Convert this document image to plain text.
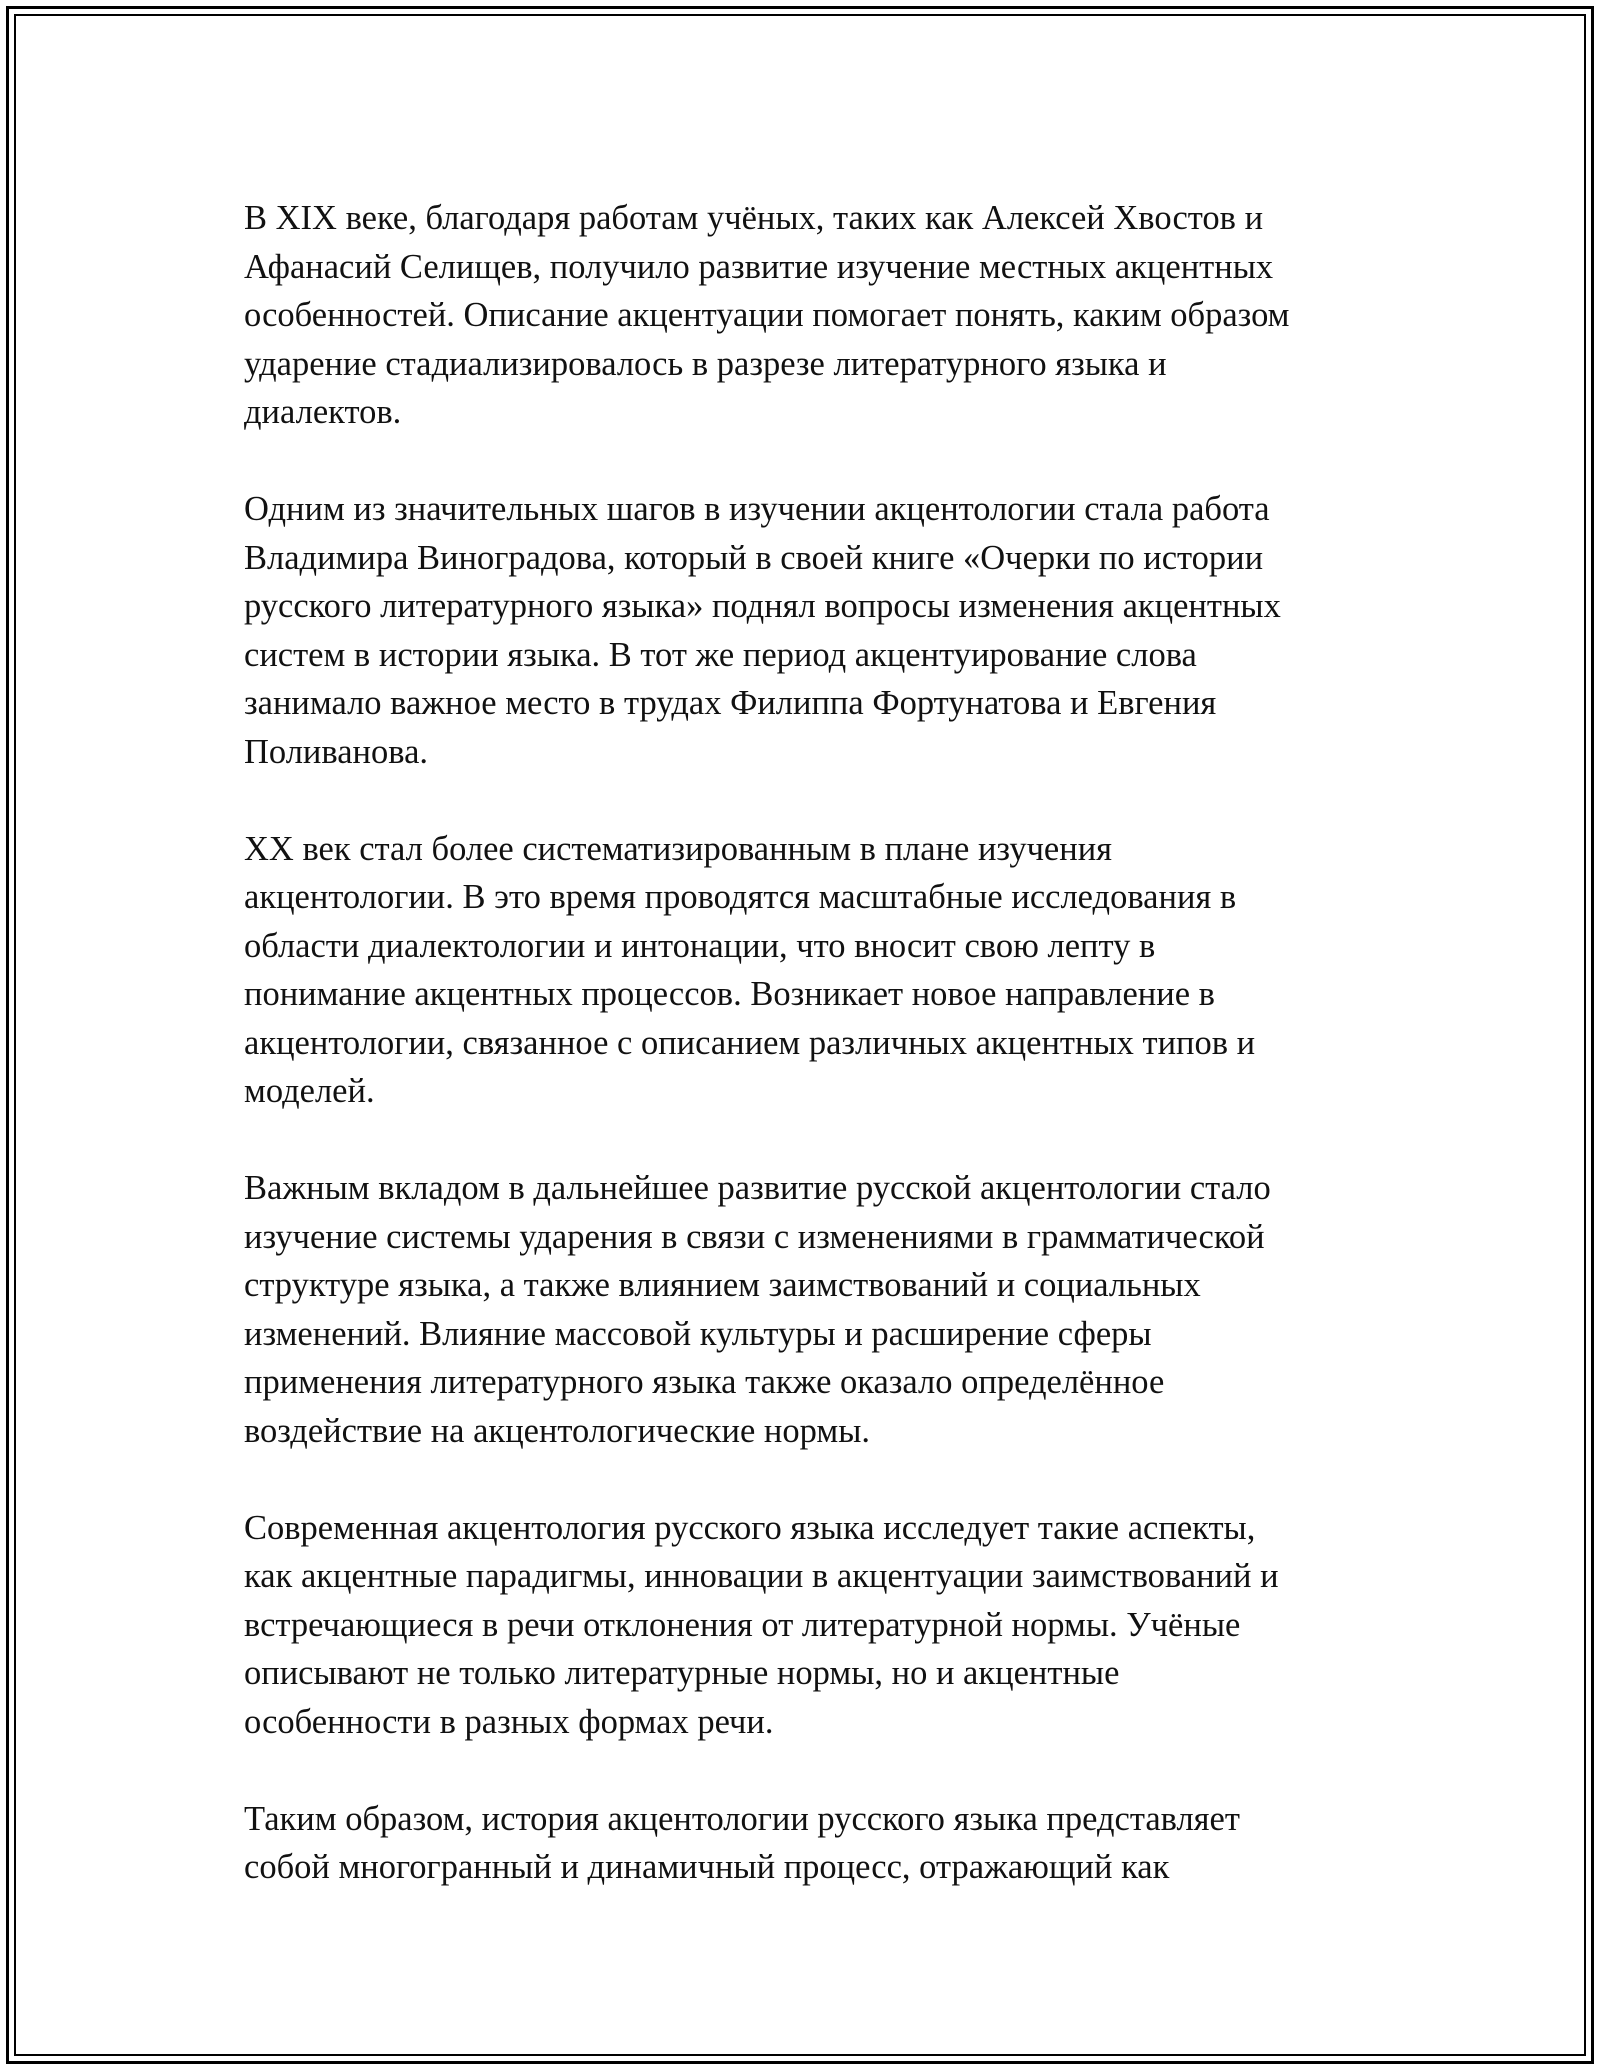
В XIX веке, благодаря работам учёных, таких как Алексей Хвостов и
Афанасий Селищев, получило развитие изучение местных акцентных
особенностей. Описание акцентуации помогает понять, каким образом
ударение стадиализировалось в разрезе литературного языка и
диалектов.

Одним из значительных шагов в изучении акцентологии стала работа
Владимира Виноградова, который в своей книге «Очерки по истории
русского литературного языка» поднял вопросы изменения акцентных
систем в истории языка. В тот же период акцентуирование слова
занимало важное место в трудах Филиппа Фортунатова и Евгения
Поливанова.

XX век стал более систематизированным в плане изучения
акцентологии. В это время проводятся масштабные исследования в
области диалектологии и интонации, что вносит свою лепту в
понимание акцентных процессов. Возникает новое направление в
акцентологии, связанное с описанием различных акцентных типов и
моделей.

Важным вкладом в дальнейшее развитие русской акцентологии стало
изучение системы ударения в связи с изменениями в грамматической
структуре языка, а также влиянием заимствований и социальных
изменений. Влияние массовой культуры и расширение сферы
применения литературного языка также оказало определённое
воздействие на акцентологические нормы.

Современная акцентология русского языка исследует такие аспекты,
как акцентные парадигмы, инновации в акцентуации заимствований и
встречающиеся в речи отклонения от литературной нормы. Учёные
описывают не только литературные нормы, но и акцентные
особенности в разных формах речи.

Таким образом, история акцентологии русского языка представляет
собой многогранный и динамичный процесс, отражающий как
